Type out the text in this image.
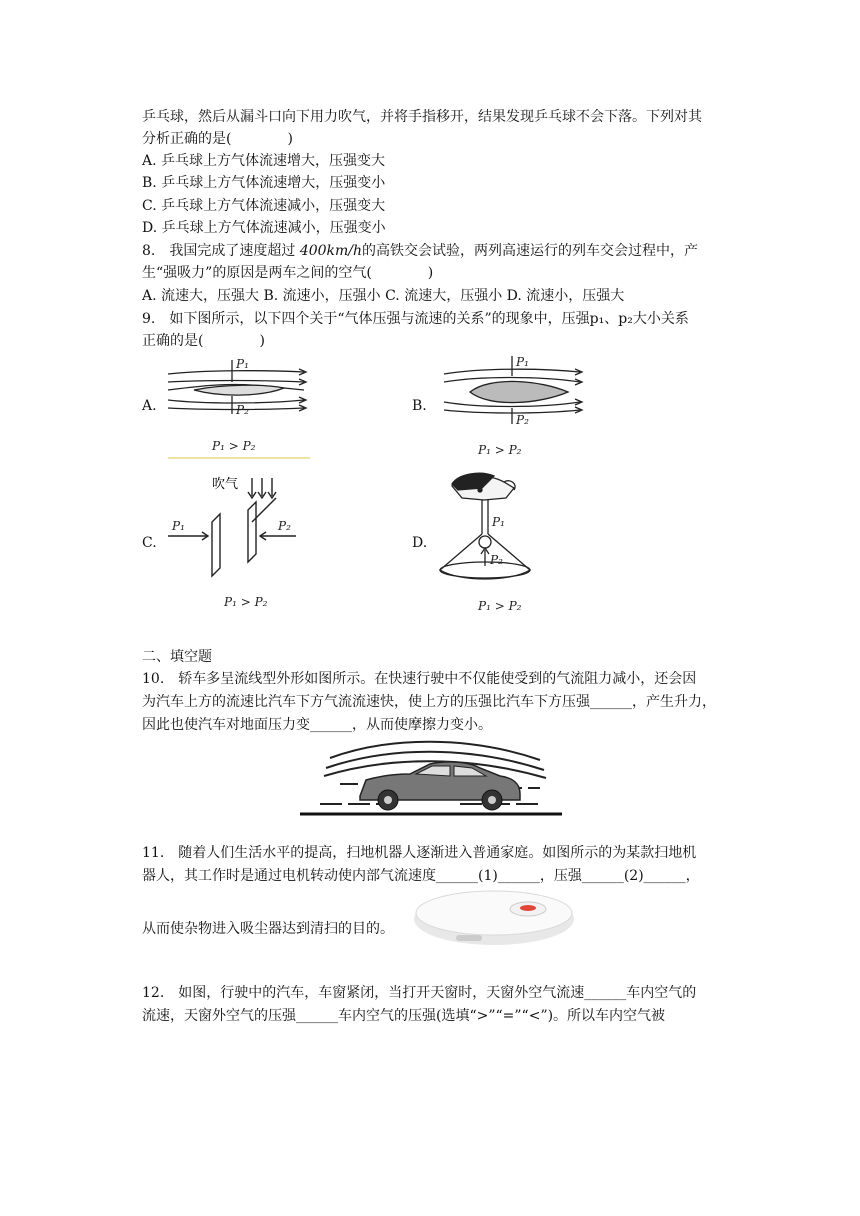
乒乓球，然后从漏斗口向下用力吹气，并将手指移开，结果发现乒乓球不会下落。下列对其
分析正确的是(　　　　)
A. 乒乓球上方气体流速增大，压强变大
B. 乒乓球上方气体流速增大，压强变小
C. 乒乓球上方气体流速减小，压强变大
D. 乒乓球上方气体流速减小，压强变小
8.　我国完成了速度超过 400km/h的高铁交会试验，两列高速运行的列车交会过程中，产
生“强吸力”的原因是两车之间的空气(　　　　)
A. 流速大，压强大 B. 流速小，压强小 C. 流速大，压强小 D. 流速小，压强大
9.　如下图所示，以下四个关于“气体压强与流速的关系”的现象中，压强p₁、p₂大小关系
正确的是(　　　　)
A.	B.
C.	D.
P₁
P₂
P₁ > P₂
P₁
P₂
P₁ > P₂
吹气
P₁	P₂
P₁ > P₂
P₁
P₂
P₁ > P₂
二、填空题
10.　轿车多呈流线型外形如图所示。在快速行驶中不仅能使受到的气流阻力减小，还会因
为汽车上方的流速比汽车下方气流流速快，使上方的压强比汽车下方压强______，产生升力，
因此也使汽车对地面压力变______，从而使摩擦力变小。
11.　随着人们生活水平的提高，扫地机器人逐渐进入普通家庭。如图所示的为某款扫地机
器人，其工作时是通过电机转动使内部气流速度______(1)______，压强______(2)______，
从而使杂物进入吸尘器达到清扫的目的。
12.　如图，行驶中的汽车，车窗紧闭，当打开天窗时，天窗外空气流速______车内空气的
流速，天窗外空气的压强______车内空气的压强(选填“>”“=”“<”)。所以车内空气被
